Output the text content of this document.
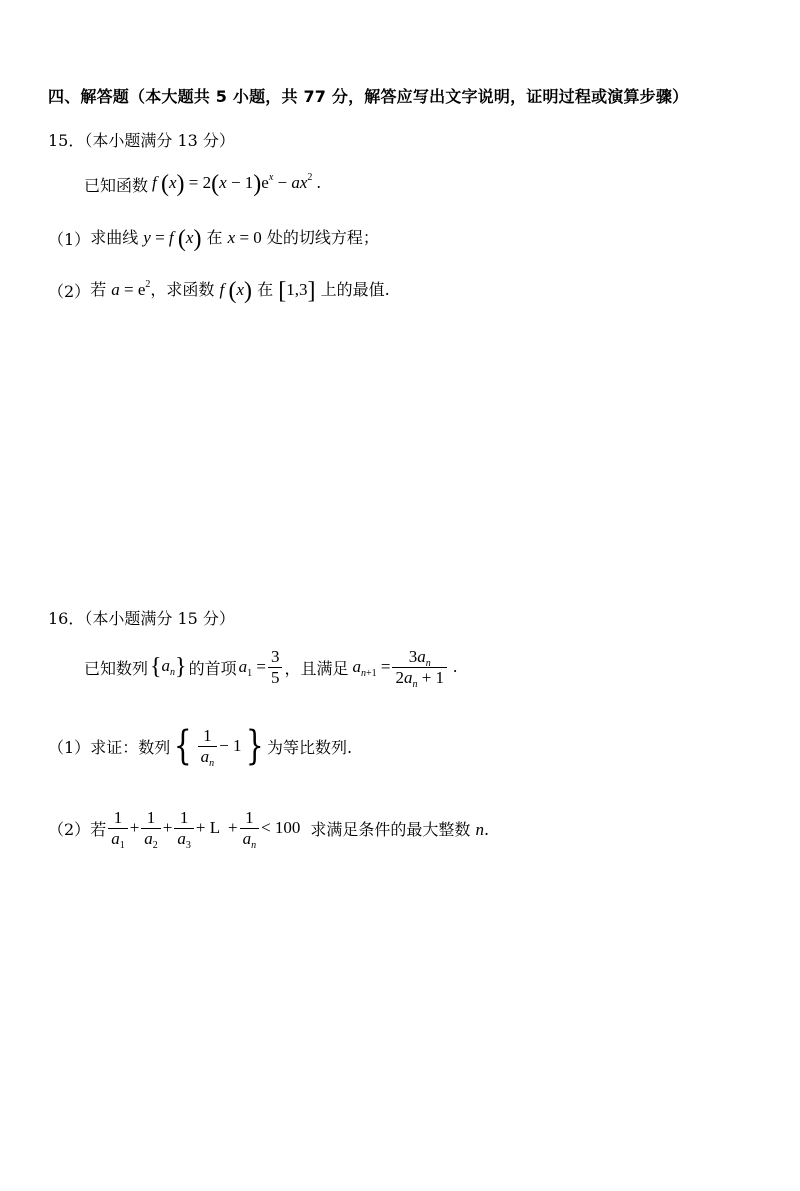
四、解答题（本大题共 5 小题，共 77 分，解答应写出文字说明，证明过程或演算步骤）
15．（本小题满分 13 分）
已知函数 f $(x) = 2(x - 1)e^x - ax^2$ .
（1） 求曲线 y = f (x) 在 x = 0 处的切线方程；
（2） 若 $a = e^2$，求函数 f (x) 在 [1,3] 上的最值.
16．（本小题满分 15 分）
已知数列 $\{a_n\}$ 的首项 $a_1 = \frac{3}{5}$ ，且满足 $a_{n+1} = \frac{3a_n}{2a_n + 1}$ .
（1） 求证：数列 { $\frac{1}{a_n} - 1$ } 为等比数列.
（2） 若 $\frac{1}{a_1} + \frac{1}{a_2} + \frac{1}{a_3} + L + \frac{1}{a_n} < 100$ 求满足条件的最大整数 n.
